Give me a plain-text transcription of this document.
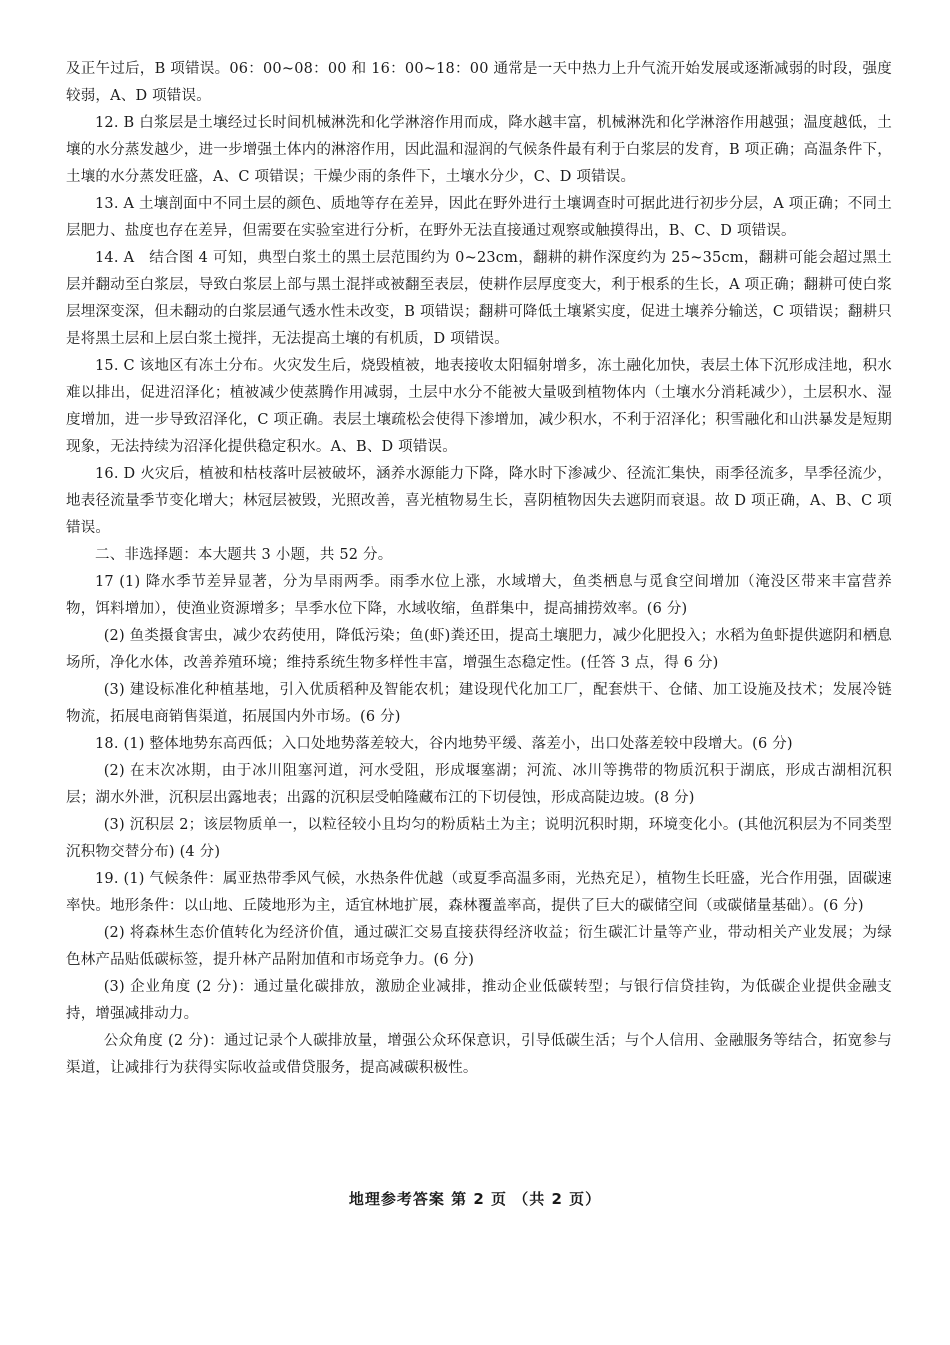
及正午过后，B 项错误。06：00~08：00 和 16：00~18：00 通常是一天中热力上升气流开始发展或逐渐减弱的时段，强度较弱，A、D 项错误。

12. B 白浆层是土壤经过长时间机械淋洗和化学淋溶作用而成，降水越丰富，机械淋洗和化学淋溶作用越强；温度越低，土壤的水分蒸发越少，进一步增强土体内的淋溶作用，因此温和湿润的气候条件最有利于白浆层的发育，B 项正确；高温条件下，土壤的水分蒸发旺盛，A、C 项错误；干燥少雨的条件下，土壤水分少，C、D 项错误。

13. A 土壤剖面中不同土层的颜色、质地等存在差异，因此在野外进行土壤调查时可据此进行初步分层，A 项正确；不同土层肥力、盐度也存在差异，但需要在实验室进行分析，在野外无法直接通过观察或触摸得出，B、C、D 项错误。

14. A　结合图 4 可知，典型白浆土的黑土层范围约为 0~23cm，翻耕的耕作深度约为 25~35cm，翻耕可能会超过黑土层并翻动至白浆层，导致白浆层上部与黑土混拌或被翻至表层，使耕作层厚度变大，利于根系的生长，A 项正确；翻耕可使白浆层埋深变深，但未翻动的白浆层通气透水性未改变，B 项错误；翻耕可降低土壤紧实度，促进土壤养分输送，C 项错误；翻耕只是将黑土层和上层白浆土搅拌，无法提高土壤的有机质，D 项错误。

15. C 该地区有冻土分布。火灾发生后，烧毁植被，地表接收太阳辐射增多，冻土融化加快，表层土体下沉形成洼地，积水难以排出，促进沼泽化；植被减少使蒸腾作用减弱，土层中水分不能被大量吸到植物体内（土壤水分消耗减少），土层积水、湿度增加，进一步导致沼泽化，C 项正确。表层土壤疏松会使得下渗增加，减少积水，不利于沼泽化；积雪融化和山洪暴发是短期现象，无法持续为沼泽化提供稳定积水。A、B、D 项错误。

16. D 火灾后，植被和枯枝落叶层被破坏，涵养水源能力下降，降水时下渗减少、径流汇集快，雨季径流多，旱季径流少，地表径流量季节变化增大；林冠层被毁，光照改善，喜光植物易生长，喜阴植物因失去遮阴而衰退。故 D 项正确，A、B、C 项错误。

二、非选择题：本大题共 3 小题，共 52 分。

17 (1) 降水季节差异显著，分为旱雨两季。雨季水位上涨，水域增大，鱼类栖息与觅食空间增加（淹没区带来丰富营养物，饵料增加），使渔业资源增多；旱季水位下降，水域收缩，鱼群集中，提高捕捞效率。(6 分)

(2) 鱼类摄食害虫，减少农药使用，降低污染；鱼(虾)粪还田，提高土壤肥力，减少化肥投入；水稻为鱼虾提供遮阴和栖息场所，净化水体，改善养殖环境；维持系统生物多样性丰富，增强生态稳定性。(任答 3 点，得 6 分)

(3) 建设标准化种植基地，引入优质稻种及智能农机；建设现代化加工厂，配套烘干、仓储、加工设施及技术；发展冷链物流，拓展电商销售渠道，拓展国内外市场。(6 分)

18. (1) 整体地势东高西低；入口处地势落差较大，谷内地势平缓、落差小，出口处落差较中段增大。(6 分)

(2) 在末次冰期，由于冰川阻塞河道，河水受阻，形成堰塞湖；河流、冰川等携带的物质沉积于湖底，形成古湖相沉积层；湖水外泄，沉积层出露地表；出露的沉积层受帕隆藏布江的下切侵蚀，形成高陡边坡。(8 分)

(3) 沉积层 2；该层物质单一，以粒径较小且均匀的粉质粘土为主；说明沉积时期，环境变化小。(其他沉积层为不同类型沉积物交替分布) (4 分)

19. (1) 气候条件：属亚热带季风气候，水热条件优越（或夏季高温多雨，光热充足），植物生长旺盛，光合作用强，固碳速率快。地形条件：以山地、丘陵地形为主，适宜林地扩展，森林覆盖率高，提供了巨大的碳储空间（或碳储量基础）。(6 分)

(2) 将森林生态价值转化为经济价值，通过碳汇交易直接获得经济收益；衍生碳汇计量等产业，带动相关产业发展；为绿色林产品贴低碳标签，提升林产品附加值和市场竞争力。(6 分)

(3) 企业角度 (2 分)：通过量化碳排放，激励企业减排，推动企业低碳转型；与银行信贷挂钩，为低碳企业提供金融支持，增强减排动力。

公众角度 (2 分)：通过记录个人碳排放量，增强公众环保意识，引导低碳生活；与个人信用、金融服务等结合，拓宽参与渠道，让减排行为获得实际收益或借贷服务，提高减碳积极性。

地理参考答案 第 2 页 （共 2 页）
